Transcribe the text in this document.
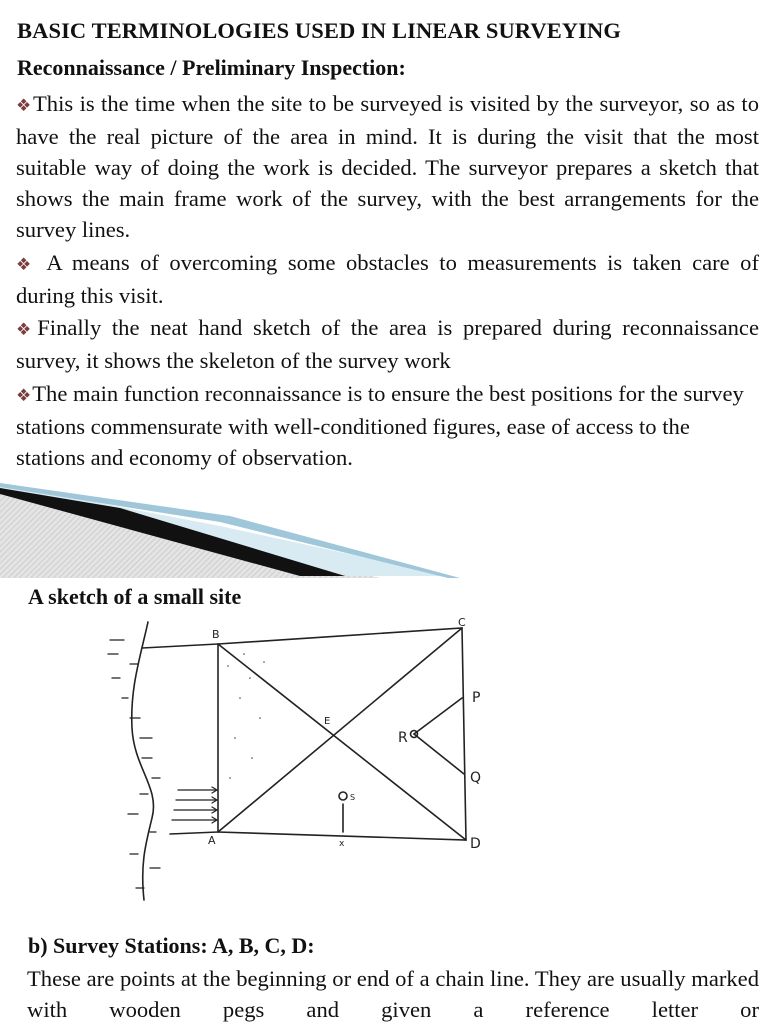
BASIC TERMINOLOGIES USED IN LINEAR SURVEYING
Reconnaissance / Preliminary Inspection:

❖This is the time when the site to be surveyed is visited by the surveyor, so as to have the real picture of the area in mind. It is during the visit that the most suitable way of doing the work is decided. The surveyor prepares a sketch that shows the main frame work of the survey, with the best arrangements for the survey lines.

❖ A means of overcoming some obstacles to measurements is taken care of during this visit.

❖Finally the neat hand sketch of the area is prepared during reconnaissance survey, it shows the skeleton of the survey work

❖The main function reconnaissance is to ensure the best positions for the survey stations commensurate with well-conditioned figures, ease of access to the stations and economy of observation.

A sketch of a small site
B
C
D
A
E
P
Q
R
x
S
b) Survey Stations: A, B, C, D:

These are points at the beginning or end of a chain line. They are usually marked with wooden pegs and given a reference letter or
